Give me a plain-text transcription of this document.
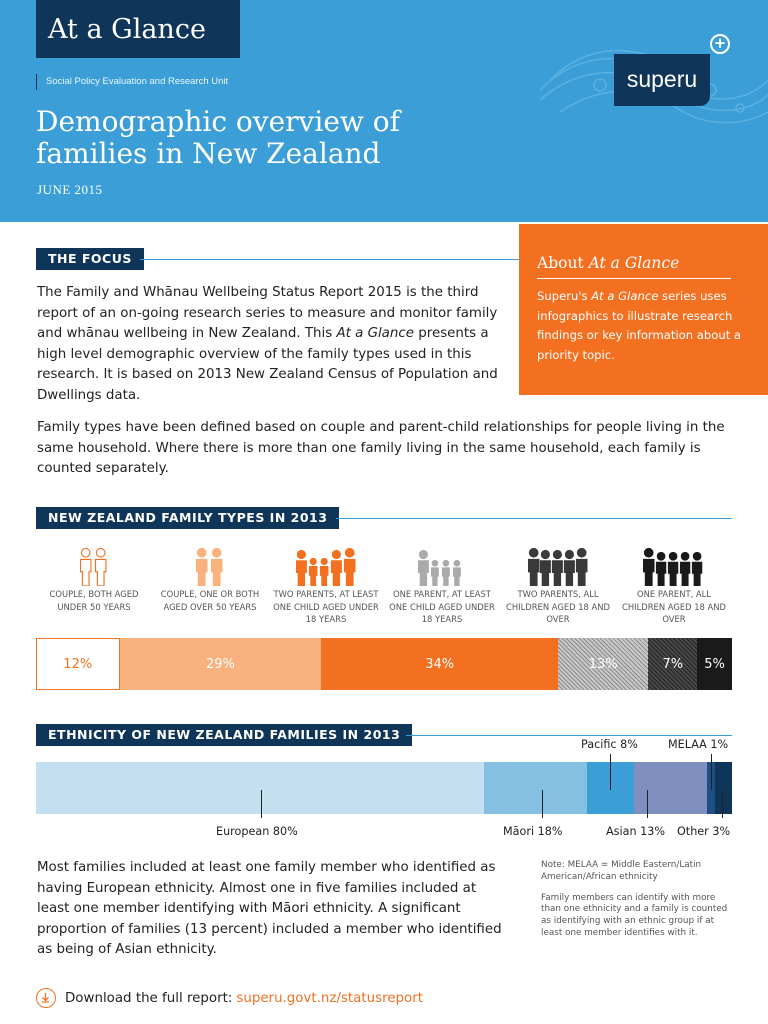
At a Glance
Social Policy Evaluation and Research Unit
Demographic overview of families in New Zealand
JUNE 2015
superu
+
THE FOCUS
The Family and Whānau Wellbeing Status Report 2015 is the third report of an on-going research series to measure and monitor family and whānau wellbeing in New Zealand. This At a Glance presents a high level demographic overview of the family types used in this research. It is based on 2013 New Zealand Census of Population and Dwellings data.
About At a Glance
Superu's At a Glance series uses infographics to illustrate research findings or key information about a priority topic.
Family types have been defined based on couple and parent-child relationships for people living in the same household. Where there is more than one family living in the same household, each family is counted separately.
NEW ZEALAND FAMILY TYPES IN 2013
COUPLE, BOTH AGED UNDER 50 YEARS
COUPLE, ONE OR BOTH AGED OVER 50 YEARS
TWO PARENTS, AT LEAST ONE CHILD AGED UNDER 18 YEARS
ONE PARENT, AT LEAST ONE CHILD AGED UNDER 18 YEARS
TWO PARENTS, ALL CHILDREN AGED 18 AND OVER
ONE PARENT, ALL CHILDREN AGED 18 AND OVER
12%	29%	34%	13%	7%	5%
ETHNICITY OF NEW ZEALAND FAMILIES IN 2013
European 80%	Māori 18%
Pacific 8%
Asian 13%
MELAA 1%
Other 3%
Most families included at least one family member who identified as having European ethnicity. Almost one in five families included at least one member identifying with Māori ethnicity. A significant proportion of families (13 percent) included a member who identified as being of Asian ethnicity.
Note: MELAA = Middle Eastern/Latin American/African ethnicity
Family members can identify with more than one ethnicity and a family is counted as identifying with an ethnic group if at least one member identifies with it.
Download the full report: superu.govt.nz/statusreport
